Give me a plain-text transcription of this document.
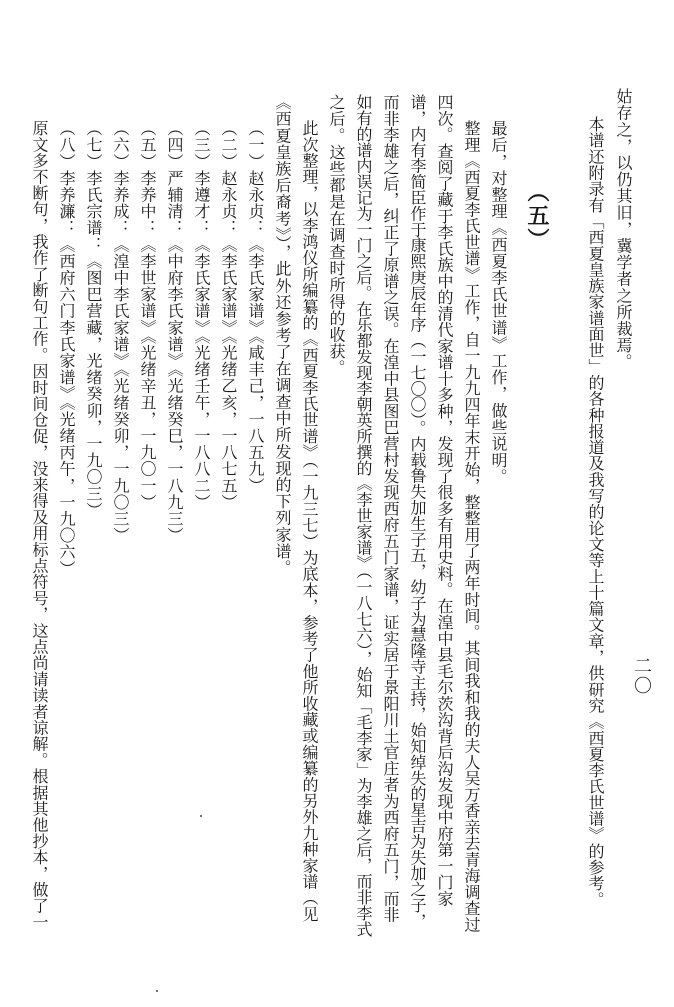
二〇
姑存之，以仍其旧，冀学者之所裁焉。
本谱还附录有「西夏皇族家谱面世」的各种报道及我写的论文等上十篇文章，供研究《西夏李氏世谱》的参考。
（五）
最后，对整理《西夏李氏世谱》工作，做些说明。
整理《西夏李氏世谱》工作，自一九九四年末开始，整整用了两年时间。其间我和我的夫人吴万香亲去青海调查过
四次。查阅了藏于李氏族中的清代家谱十多种，发现了很多有用史料。在湟中县毛尔茨沟背后沟发现中府第一门家
谱，内有李简臣作于康熙庚辰年序（一七〇〇）。内载鲁失加生子五，幼子为慧隆寺主持，始知绰失的星吉为失加之子，
而非李雄之后，纠正了原谱之误。在湟中县图巴营村发现西府五门家谱，证实居于景阳川土官庄者为西府五门，而非
如有的谱内误记为一门之后。在乐都发现李朝英所撰的《李世家谱》（一八七六），始知「毛李家」为李雄之后，而非李式
之后。这些都是在调查时所得的收获。
此次整理，以李鸿仪所编纂的《西夏李氏世谱》（一九三七）为底本，参考了他所收藏或编纂的另外九种家谱（见
《西夏皇族后裔考》），此外还参考了在调查中所发现的下列家谱。
（一）赵永贞：《李氏家谱》《咸丰己，一八五九）
（二）赵永贞：《李氏家谱》《光绪乙亥，一八七五）
（三）李遵才：《李氏家谱》《光绪壬午，一八八二）
（四）严辅清：《中府李氏家谱》《光绪癸巳，一八九三）
（五）李养中：《李世家谱》《光绪辛丑，一九〇一）
（六）李养成：《湟中李氏家谱》《光绪癸卯，一九〇三）
（七）李氏宗谱：《图巴营藏，光绪癸卯，一九〇三）
（八）李养濂：《西府六门李氏家谱》《光绪丙午，一九〇六）
原文多不断句，我作了断句工作。因时间仓促，没来得及用标点符号，这点尚请读者谅解。根据其他抄本，做了一
